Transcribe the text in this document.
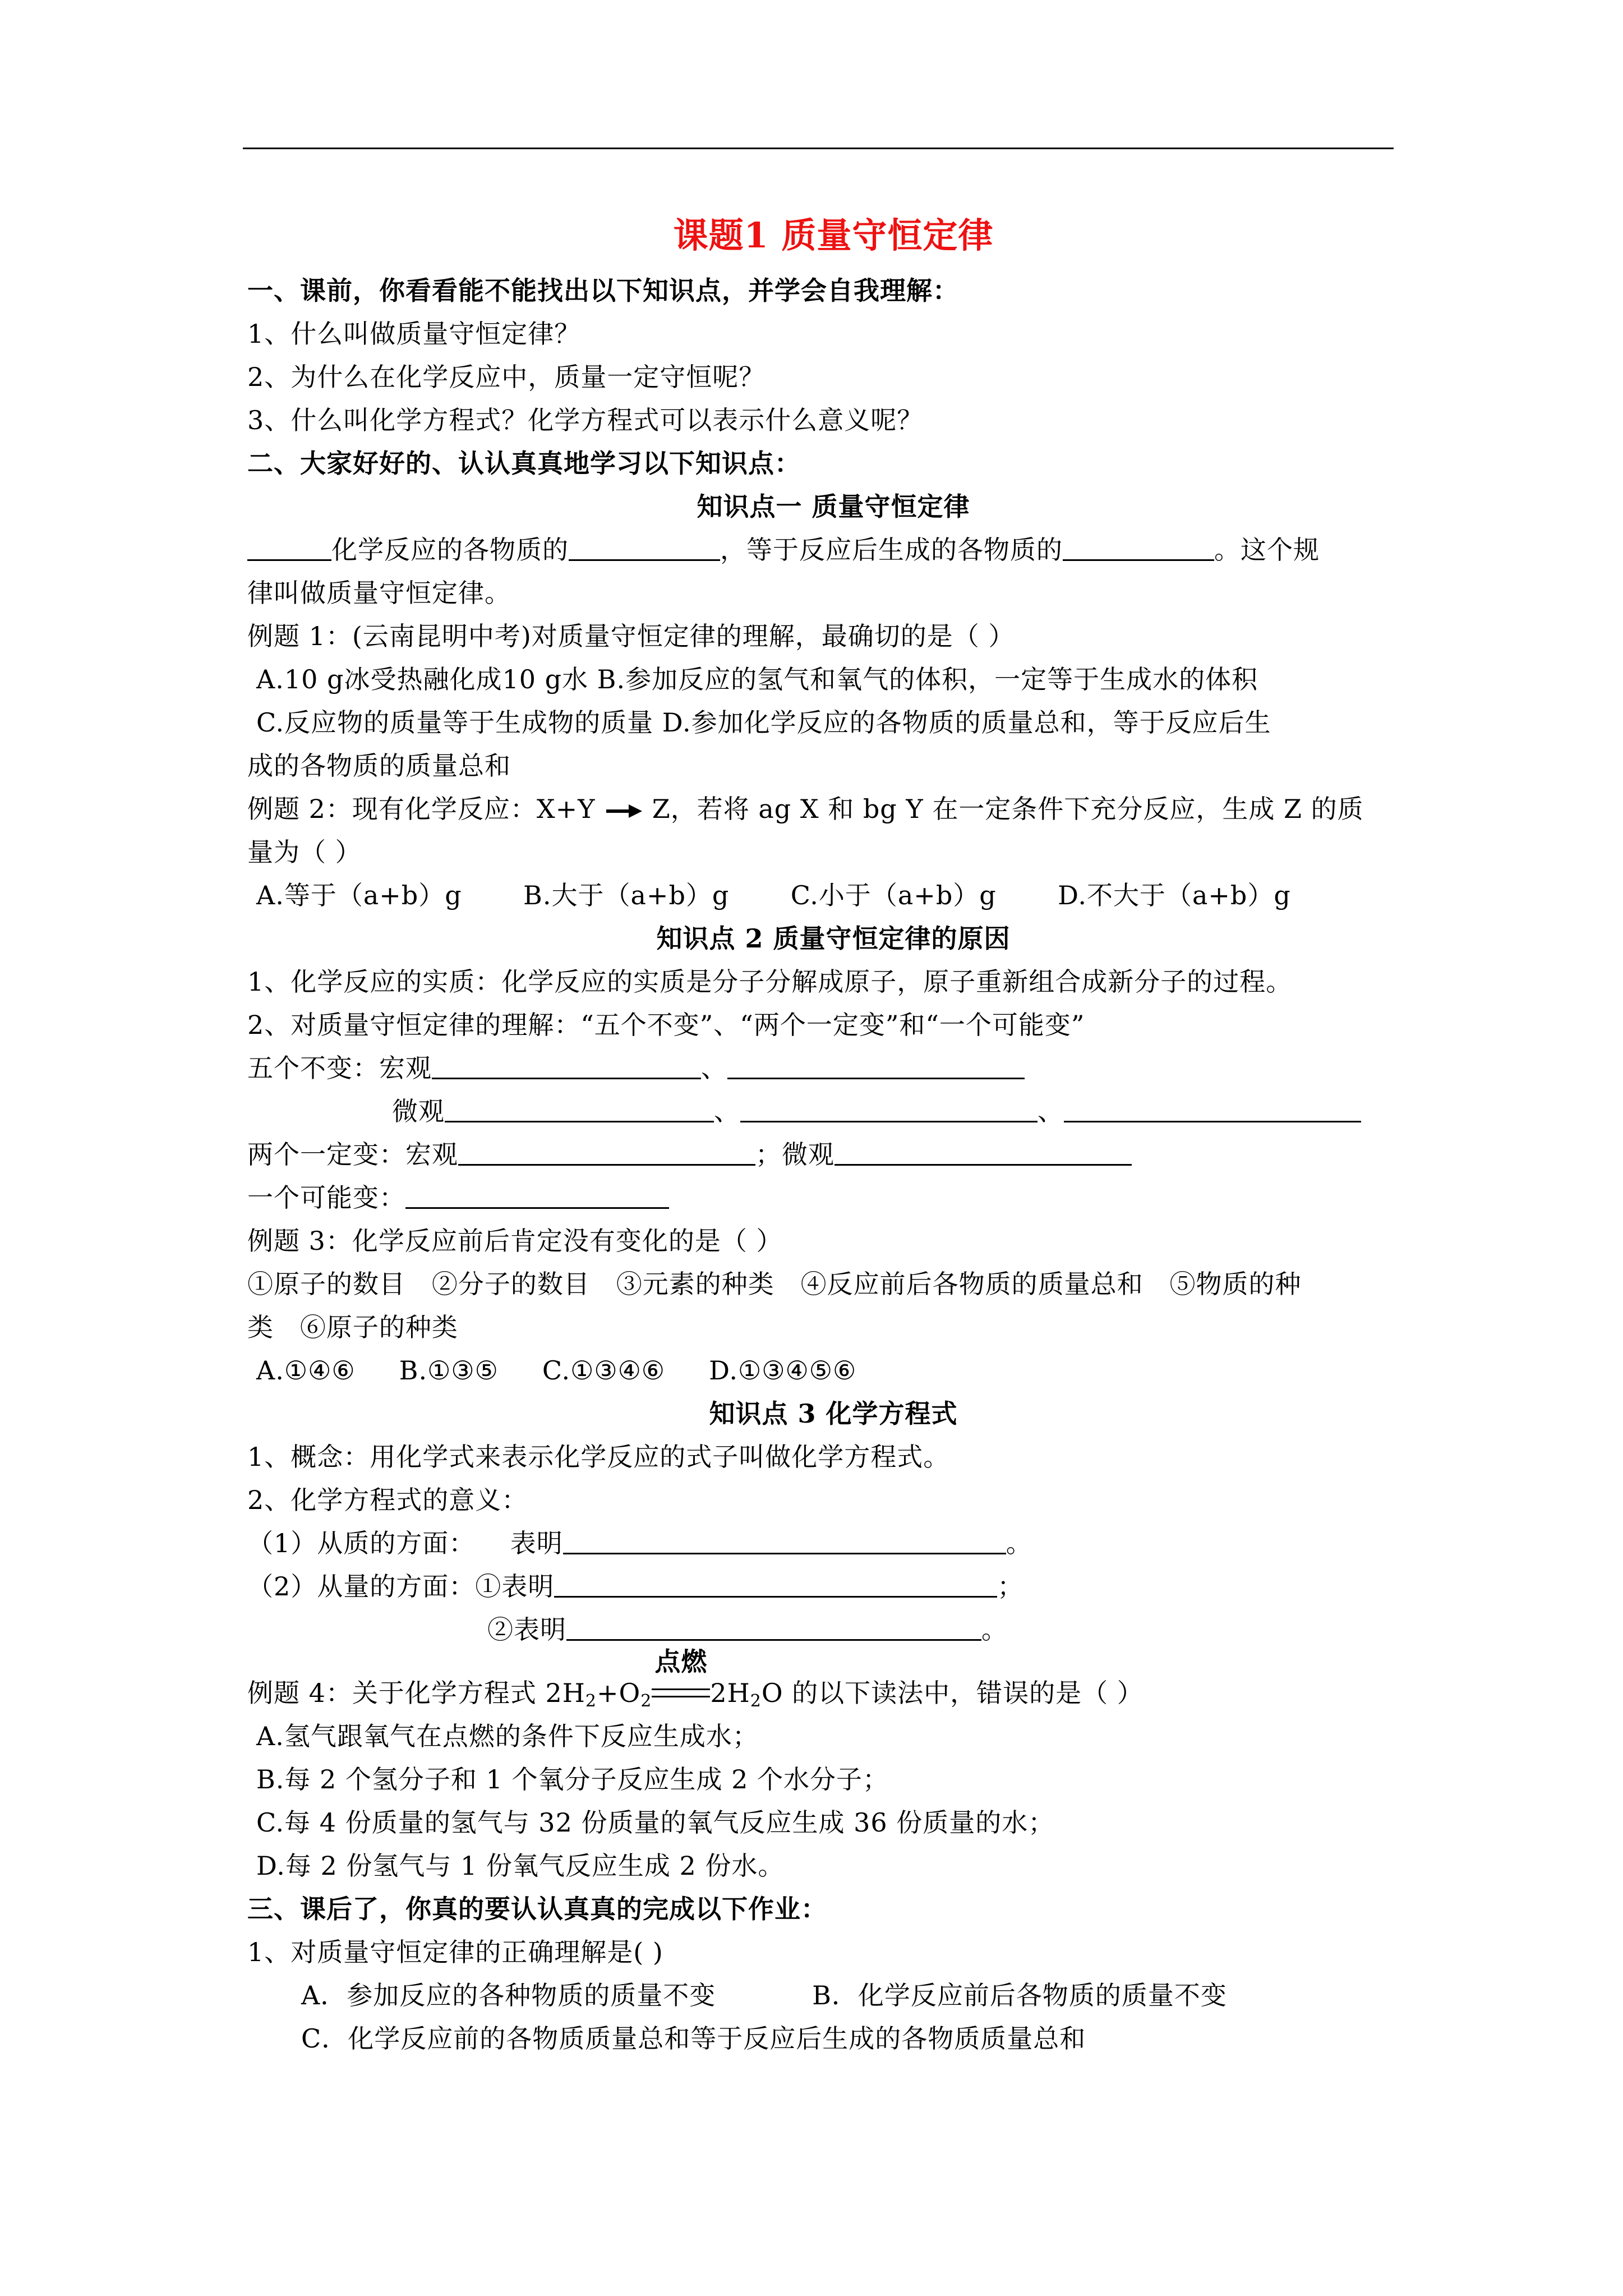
课题1 质量守恒定律
一、课前，你看看能不能找出以下知识点，并学会自我理解：
1、什么叫做质量守恒定律？
2、为什么在化学反应中，质量一定守恒呢？
3、什么叫化学方程式？化学方程式可以表示什么意义呢？
二、大家好好的、认认真真地学习以下知识点：
知识点一 质量守恒定律
化学反应的各物质的	，等于反应后生成的各物质的	。这个规
律叫做质量守恒定律。
例题 1：(云南昆明中考)对质量守恒定律的理解，最确切的是（ ）
A.10 g冰受热融化成10 g水 B.参加反应的氢气和氧气的体积，一定等于生成水的体积
C.反应物的质量等于生成物的质量 D.参加化学反应的各物质的质量总和，等于反应后生
成的各物质的质量总和
例题 2：现有化学反应：X+Y → Z，若将 ag X 和 bg Y 在一定条件下充分反应，生成 Z 的质
量为（ ）
A.等于（a+b）g       B.大于（a+b）g       C.小于（a+b）g       D.不大于（a+b）g
知识点 2 质量守恒定律的原因
1、化学反应的实质：化学反应的实质是分子分解成原子，原子重新组合成新分子的过程。
2、对质量守恒定律的理解：“五个不变”、“两个一定变”和“一个可能变”
五个不变：宏观	、
微观	、	、
两个一定变：宏观	；微观
一个可能变：
例题 3：化学反应前后肯定没有变化的是（ ）
①原子的数目   ②分子的数目   ③元素的种类   ④反应前后各物质的质量总和   ⑤物质的种
类   ⑥原子的种类
A.①④⑥     B.①③⑤     C.①③④⑥     D.①③④⑤⑥
知识点 3 化学方程式
1、概念：用化学式来表示化学反应的式子叫做化学方程式。
2、化学方程式的意义：
（1）从质的方面：    表明	。
（2）从量的方面：①表明	；
②表明	。
例题 4：关于化学方程式 $2H_2+O_2$
点燃
$2H_2O$ 的以下读法中，错误的是（ ）
A.氢气跟氧气在点燃的条件下反应生成水；
B.每 2 个氢分子和 1 个氧分子反应生成 2 个水分子；
C.每 4 份质量的氢气与 32 份质量的氧气反应生成 36 份质量的水；
D.每 2 份氢气与 1 份氧气反应生成 2 份水。
三、课后了，你真的要认认真真的完成以下作业：
1、对质量守恒定律的正确理解是( )
A．参加反应的各种物质的质量不变           B．化学反应前后各物质的质量不变
C．化学反应前的各物质质量总和等于反应后生成的各物质质量总和
